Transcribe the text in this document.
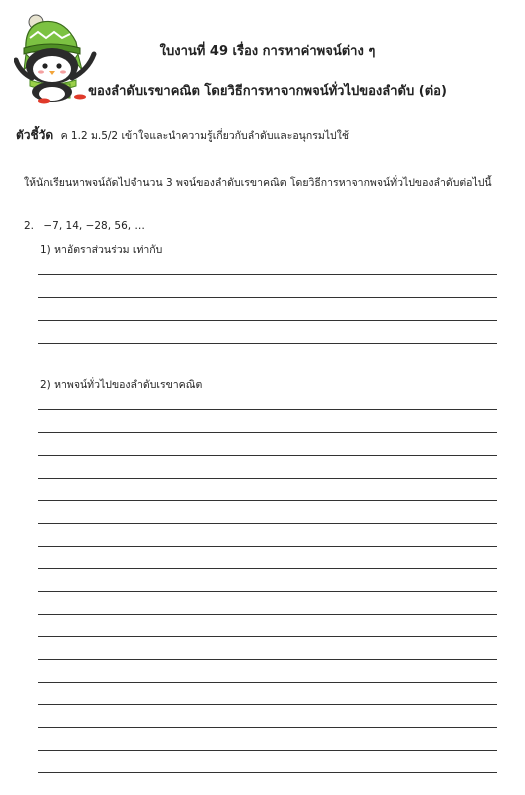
ใบงานที่ 49 เรื่อง การหาค่าพจน์ต่าง ๆ
ของลำดับเรขาคณิต โดยวิธีการหาจากพจน์ทั่วไปของลำดับ (ต่อ)
ตัวชี้วัด ค 1.2 ม.5/2 เข้าใจและนำความรู้เกี่ยวกับลำดับและอนุกรมไปใช้
ให้นักเรียนหาพจน์ถัดไปจำนวน 3 พจน์ของลำดับเรขาคณิต โดยวิธีการหาจากพจน์ทั่วไปของลำดับต่อไปนี้
2. −7, 14, −28, 56, …
1) หาอัตราส่วนร่วม เท่ากับ
2) หาพจน์ทั่วไปของลำดับเรขาคณิต
